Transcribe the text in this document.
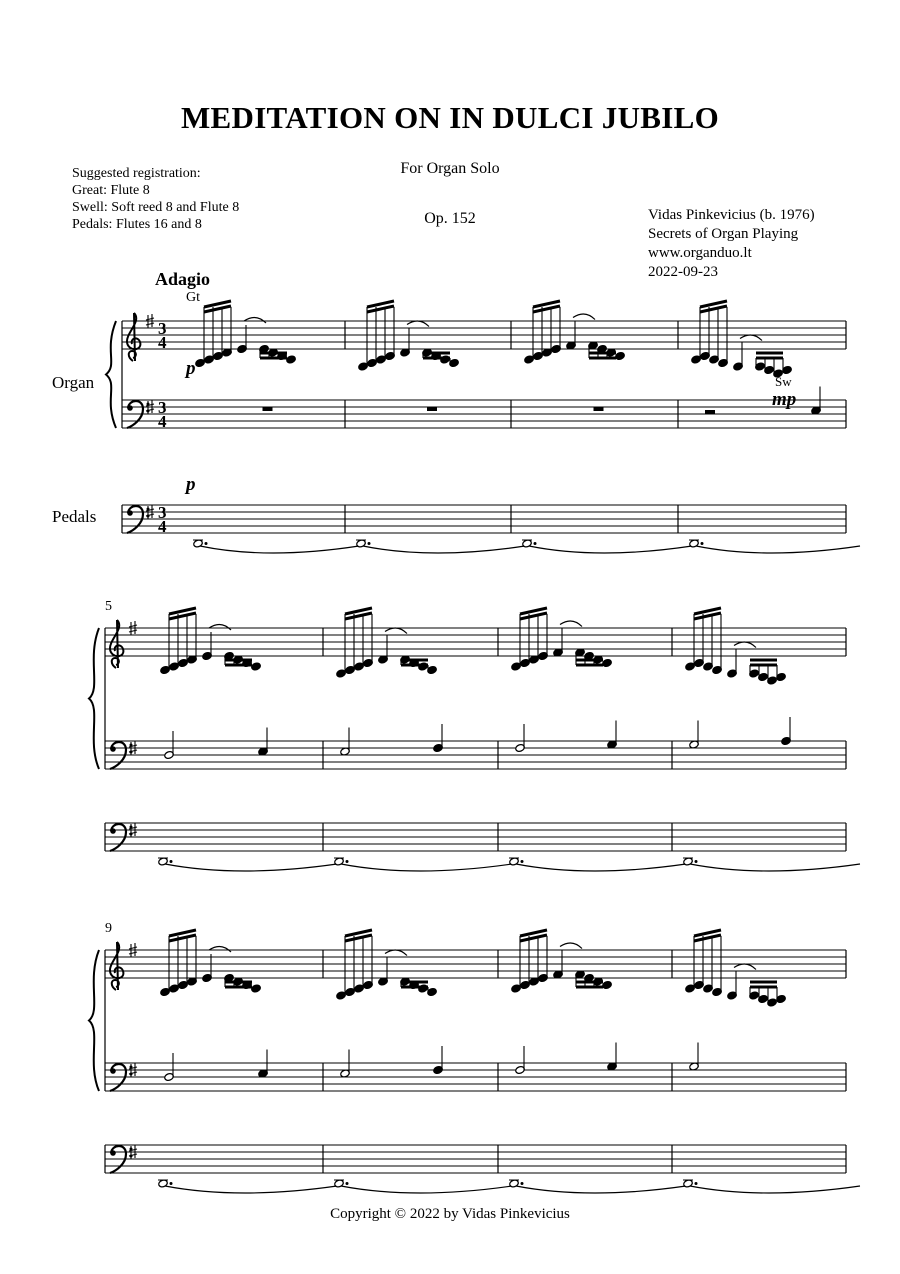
MEDITATION ON IN DULCI JUBILO
For Organ Solo
Op. 152
Suggested registration:
Great: Flute 8
Swell: Soft reed 8 and Flute 8
Pedals: Flutes 16 and 8
Vidas Pinkevicius (b. 1976)
Secrets of Organ Playing
www.organduo.lt
2022-09-23
Adagio
3
4
3
4
3
4
5
9
Organ
Pedals
Gt
p
p
Sw
mp
Copyright © 2022 by Vidas Pinkevicius
